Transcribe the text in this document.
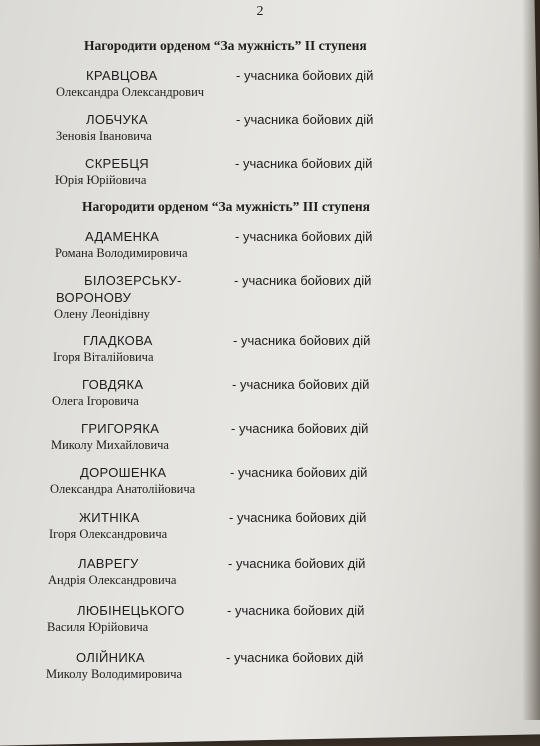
2
Нагородити орденом “За мужність” ІІ ступеня
КРАВЦОВА
Олександра Олександрович
- учасника бойових дій
ЛОБЧУКА
Зеновія Івановича
- учасника бойових дій
СКРЕБЦЯ
Юрія Юрійовича
- учасника бойових дій
Нагородити орденом “За мужність” ІІІ ступеня
АДАМЕНКА
Романа Володимировича
- учасника бойових дій
БІЛОЗЕРСЬКУ-
ВОРОНОВУ
Олену Леонідівну
- учасника бойових дій
ГЛАДКОВА
Ігоря Віталійовича
- учасника бойових дій
ГОВДЯКА
Олега Ігоровича
- учасника бойових дій
ГРИГОРЯКА
Миколу Михайловича
- учасника бойових дій
ДОРОШЕНКА
Олександра Анатолійовича
- учасника бойових дій
ЖИТНІКА
Ігоря Олександровича
- учасника бойових дій
ЛАВРЕГУ
Андрія Олександровича
- учасника бойових дій
ЛЮБІНЕЦЬКОГО
Василя Юрійовича
- учасника бойових дій
ОЛІЙНИКА
Миколу Володимировича
- учасника бойових дій
